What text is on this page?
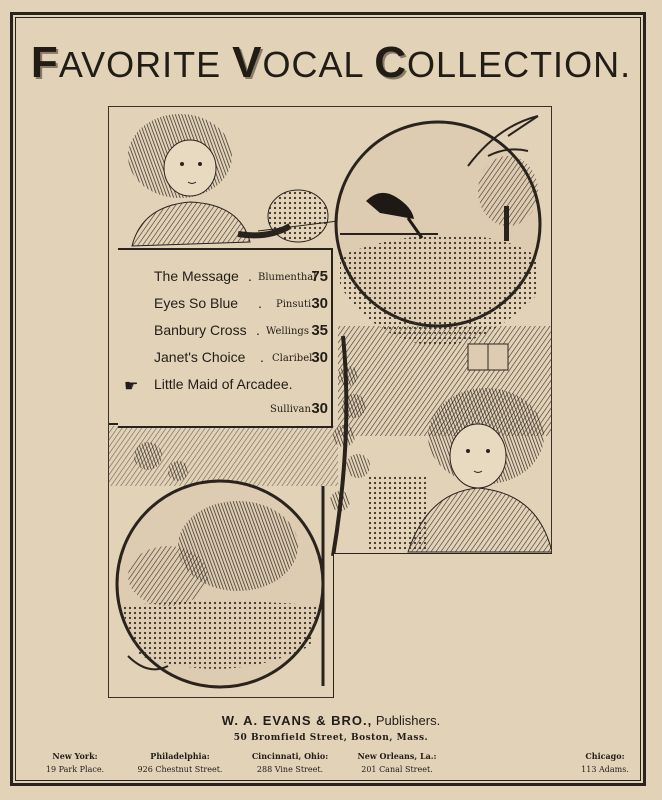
FAVORITE VOCAL COLLECTION.
The Message . Blumenthal
75
Eyes So Blue . Pinsuti 30
Banbury Cross . Wellings 35
Janet's Choice . Claribel 30
Little Maid of Arcadee.
Sullivan 30
☛
W. A. EVANS & BRO., Publishers.
50 Bromfield Street, Boston, Mass.
New York:
19 Park Place.
Philadelphia:
926 Chestnut Street.
Cincinnati, Ohio:
288 Vine Street.
New Orleans, La.:
201 Canal Street.
Chicago:
113 Adams.
